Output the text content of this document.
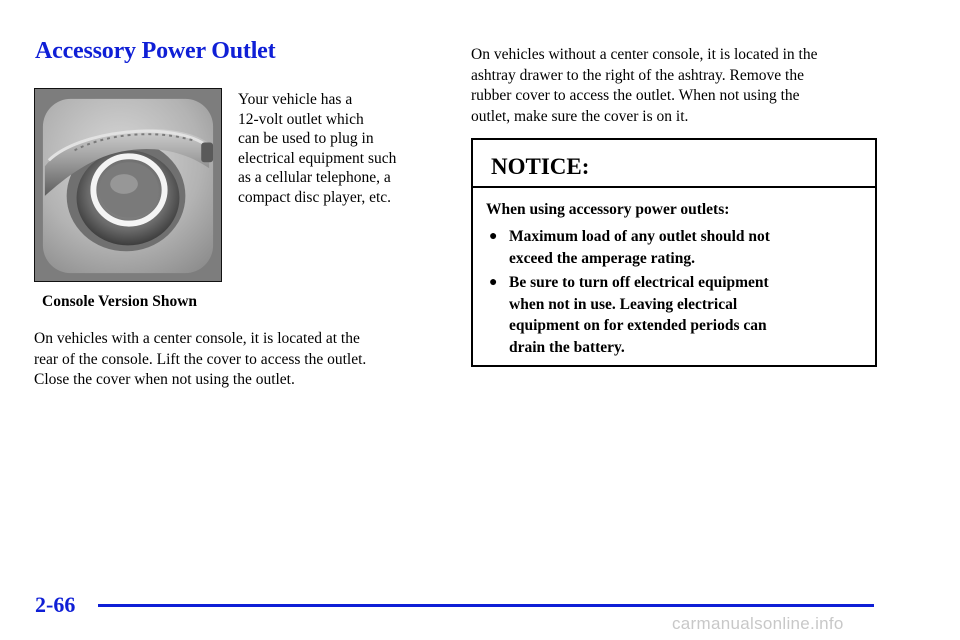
Accessory Power Outlet

Console Version Shown

Your vehicle has a
12-volt outlet which
can be used to plug in
electrical equipment such
as a cellular telephone, a
compact disc player, etc.

On vehicles with a center console, it is located at the
rear of the console. Lift the cover to access the outlet.
Close the cover when not using the outlet.

On vehicles without a center console, it is located in the
ashtray drawer to the right of the ashtray. Remove the
rubber cover to access the outlet. When not using the
outlet, make sure the cover is on it.

NOTICE:

When using accessory power outlets:

● Maximum load of any outlet should not
exceed the amperage rating.
● Be sure to turn off electrical equipment
when not in use. Leaving electrical
equipment on for extended periods can
drain the battery.

2-66

carmanualsonline.info
